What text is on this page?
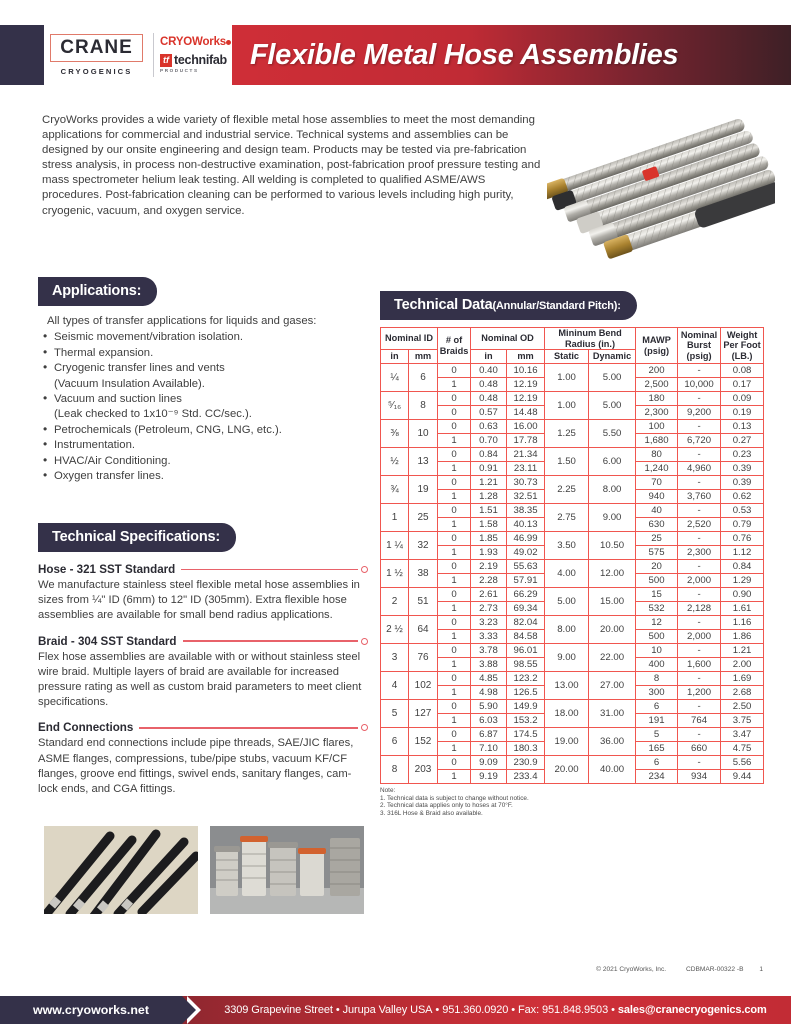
CRANE
CRYOGENICS
CRYOWorks
tf technifab
PRODUCTS Flexible Metal Hose Assemblies
CryoWorks provides a wide variety of flexible metal hose assemblies to meet the most demanding applications for commercial and industrial service. Technical systems and assemblies can be designed by our onsite engineering and design team. Products may be tested via pre-fabrication stress analysis, in process non-destructive examination, post-fabrication proof pressure testing and mass spectrometer helium leak testing. All welding is completed to qualified ASME/AWS procedures. Post-fabrication cleaning can be performed to various levels including high purity, cryogenic, vacuum, and oxygen service.
Applications:
All types of transfer applications for liquids and gases:
• Seismic movement/vibration isolation.
• Thermal expansion.
• Cryogenic transfer lines and vents
(Vacuum Insulation Available).
• Vacuum and suction lines
(Leak checked to 1x10⁻⁹ Std. CC/sec.).
• Petrochemicals (Petroleum, CNG, LNG, etc.).
• Instrumentation.
• HVAC/Air Conditioning.
• Oxygen transfer lines.
Technical Specifications:
Hose - 321 SST Standard
We manufacture stainless steel flexible metal hose assemblies in sizes from ¼" ID (6mm) to 12" ID (305mm). Extra flexible hose assemblies are available for small bend radius applications.
Braid - 304 SST Standard
Flex hose assemblies are available with or without stainless steel wire braid. Multiple layers of braid are available for increased pressure rating as well as custom braid parameters to meet client specifications.
End Connections
Standard end connections include pipe threads, SAE/JIC flares, ASME flanges, compressions, tube/pipe stubs, vacuum KF/CF flanges, groove end fittings, swivel ends, sanitary flanges, cam-lock ends, and CGA fittings.
Technical Data(Annular/Standard Pitch):
Nominal ID		# of Braids	Nominal OD		Mininum Bend Radius (in.)		MAWP (psig)	Nominal Burst (psig)	Weight Per Foot (LB.)
in	mm		in	mm	Static	Dynamic			
¼	6	0	0.40	10.16	1.00	5.00	200	-	0.08
		1	0.48	12.19			2,500	10,000	0.17
⁵⁄₁₆	8	0	0.48	12.19	1.00	5.00	180	-	0.09
		0	0.57	14.48			2,300	9,200	0.19
⅜	10	0	0.63	16.00	1.25	5.50	100	-	0.13
		1	0.70	17.78			1,680	6,720	0.27
½	13	0	0.84	21.34	1.50	6.00	80	-	0.23
		1	0.91	23.11			1,240	4,960	0.39
¾	19	0	1.21	30.73	2.25	8.00	70	-	0.39
		1	1.28	32.51			940	3,760	0.62
1	25	0	1.51	38.35	2.75	9.00	40	-	0.53
		1	1.58	40.13			630	2,520	0.79
1 ¼	32	0	1.85	46.99	3.50	10.50	25	-	0.76
		1	1.93	49.02			575	2,300	1.12
1 ½	38	0	2.19	55.63	4.00	12.00	20	-	0.84
		1	2.28	57.91			500	2,000	1.29
2	51	0	2.61	66.29	5.00	15.00	15	-	0.90
		1	2.73	69.34			532	2,128	1.61
2 ½	64	0	3.23	82.04	8.00	20.00	12	-	1.16
		1	3.33	84.58			500	2,000	1.86
3	76	0	3.78	96.01	9.00	22.00	10	-	1.21
		1	3.88	98.55			400	1,600	2.00
4	102	0	4.85	123.2	13.00	27.00	8	-	1.69
		1	4.98	126.5			300	1,200	2.68
5	127	0	5.90	149.9	18.00	31.00	6	-	2.50
		1	6.03	153.2			191	764	3.75
6	152	0	6.87	174.5	19.00	36.00	5	-	3.47
		1	7.10	180.3			165	660	4.75
8	203	0	9.09	230.9	20.00	40.00	6	-	5.56
		1	9.19	233.4			234	934	9.44
Note:
1. Technical data is subject to change without notice.
2. Technical data applies only to hoses at 70°F.
3. 316L Hose & Braid also available.
© 2021 CryoWorks, Inc.	CDBMAR-00322 -B 1
www.cryoworks.net	3309 Grapevine Street • Jurupa Valley USA • 951.360.0920 • Fax: 951.848.9503 • sales@cranecryogenics.com
